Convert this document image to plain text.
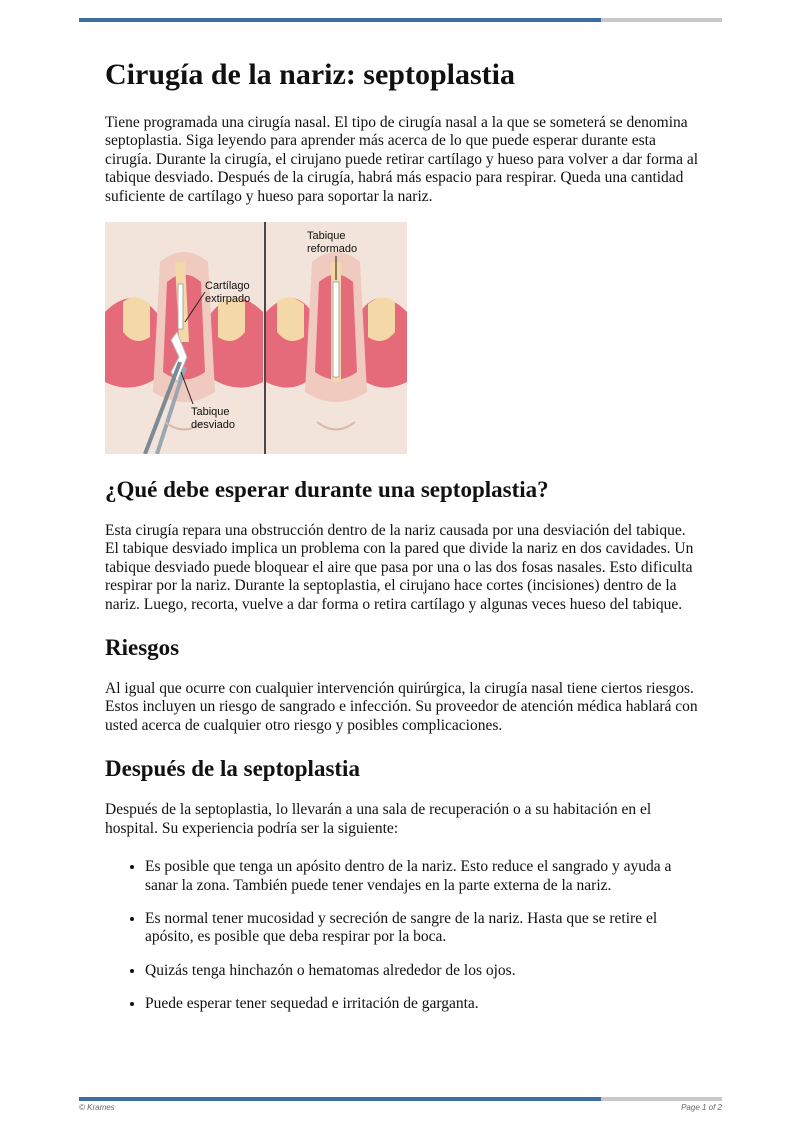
Cirugía de la nariz: septoplastia

Tiene programada una cirugía nasal. El tipo de cirugía nasal a la que se someterá se denomina septoplastia. Siga leyendo para aprender más acerca de lo que puede esperar durante esta cirugía. Durante la cirugía, el cirujano puede retirar cartílago y hueso para volver a dar forma al tabique desviado. Después de la cirugía, habrá más espacio para respirar. Queda una cantidad suficiente de cartílago y hueso para soportar la nariz.

Cartílago
extirpado
Tabique
desviado
Tabique
reformado
¿Qué debe esperar durante una septoplastia?

Esta cirugía repara una obstrucción dentro de la nariz causada por una desviación del tabique. El tabique desviado implica un problema con la pared que divide la nariz en dos cavidades. Un tabique desviado puede bloquear el aire que pasa por una o las dos fosas nasales. Esto dificulta respirar por la nariz. Durante la septoplastia, el cirujano hace cortes (incisiones) dentro de la nariz. Luego, recorta, vuelve a dar forma o retira cartílago y algunas veces hueso del tabique.

Riesgos

Al igual que ocurre con cualquier intervención quirúrgica, la cirugía nasal tiene ciertos riesgos. Estos incluyen un riesgo de sangrado e infección. Su proveedor de atención médica hablará con usted acerca de cualquier otro riesgo y posibles complicaciones.

Después de la septoplastia

Después de la septoplastia, lo llevarán a una sala de recuperación o a su habitación en el hospital. Su experiencia podría ser la siguiente:

• Es posible que tenga un apósito dentro de la nariz. Esto reduce el sangrado y ayuda a sanar la zona. También puede tener vendajes en la parte externa de la nariz.
• Es normal tener mucosidad y secreción de sangre de la nariz. Hasta que se retire el apósito, es posible que deba respirar por la boca.
• Quizás tenga hinchazón o hematomas alrededor de los ojos.
• Puede esperar tener sequedad e irritación de garganta.
© Krames	Page 1 of 2
